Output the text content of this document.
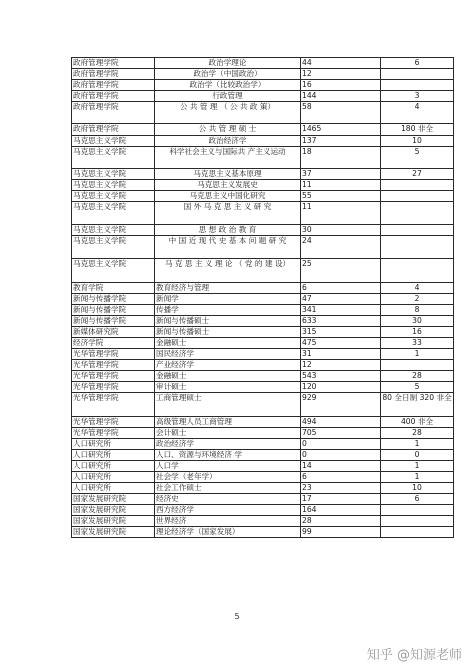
政府管理学院	政治学理论	44	6
政府管理学院	政治学（中国政治）	12	
政府管理学院	政治学（比较政治学）	16	
政府管理学院	行政管理	144	3
政府管理学院	公 共 管 理 （ 公 共 政 策）	58	4
政府管理学院	公 共 管 理 硕 士	1465	180 非全
马克思主义学院	政治经济学	137	10
马克思主义学院	科学社会主义与国际共 产主义运动	18	5
马克思主义学院	马克思主义基本原理	37	27
马克思主义学院	马克思主义发展史	11	
马克思主义学院	马克思主义中国化研究	55	
马克思主义学院	国 外 马 克 思 主 义 研 究	11	
马克思主义学院	思 想 政 治 教 育	30	
马克思主义学院	中 国 近 现 代 史 基 本 问 题 研 究	24	
马克思主义学院	马 克 思 主 义 理 论 （ 党 的 建 设）	25	
教育学院	教育经济与管理	6	4
新闻与传播学院	新闻学	47	2
新闻与传播学院	传播学	341	8
新闻与传播学院	新闻与传播硕士	633	30
新媒体研究院	新闻与传播硕士	315	16
经济学院	金融硕士	475	33
光华管理学院	国民经济学	31	1
光华管理学院	产业经济学	12	
光华管理学院	金融硕士	543	28
光华管理学院	审计硕士	120	5
光华管理学院	工商管理硕士	929	80 全日制 320 非全
光华管理学院	高级管理人员工商管理	494	400 非全
光华管理学院	会计硕士	705	28
人口研究所	政治经济学	0	1
人口研究所	人口、资源与环境经济 学	0	0
人口研究所	人口学	14	1
人口研究所	社会学（老年学）	6	1
人口研究所	社会工作硕士	23	10
国家发展研究院	经济史	17	6
国家发展研究院	西方经济学	164	
国家发展研究院	世界经济	28	
国家发展研究院	理论经济学（国家发展）	99	
5
知乎 @知源老师
